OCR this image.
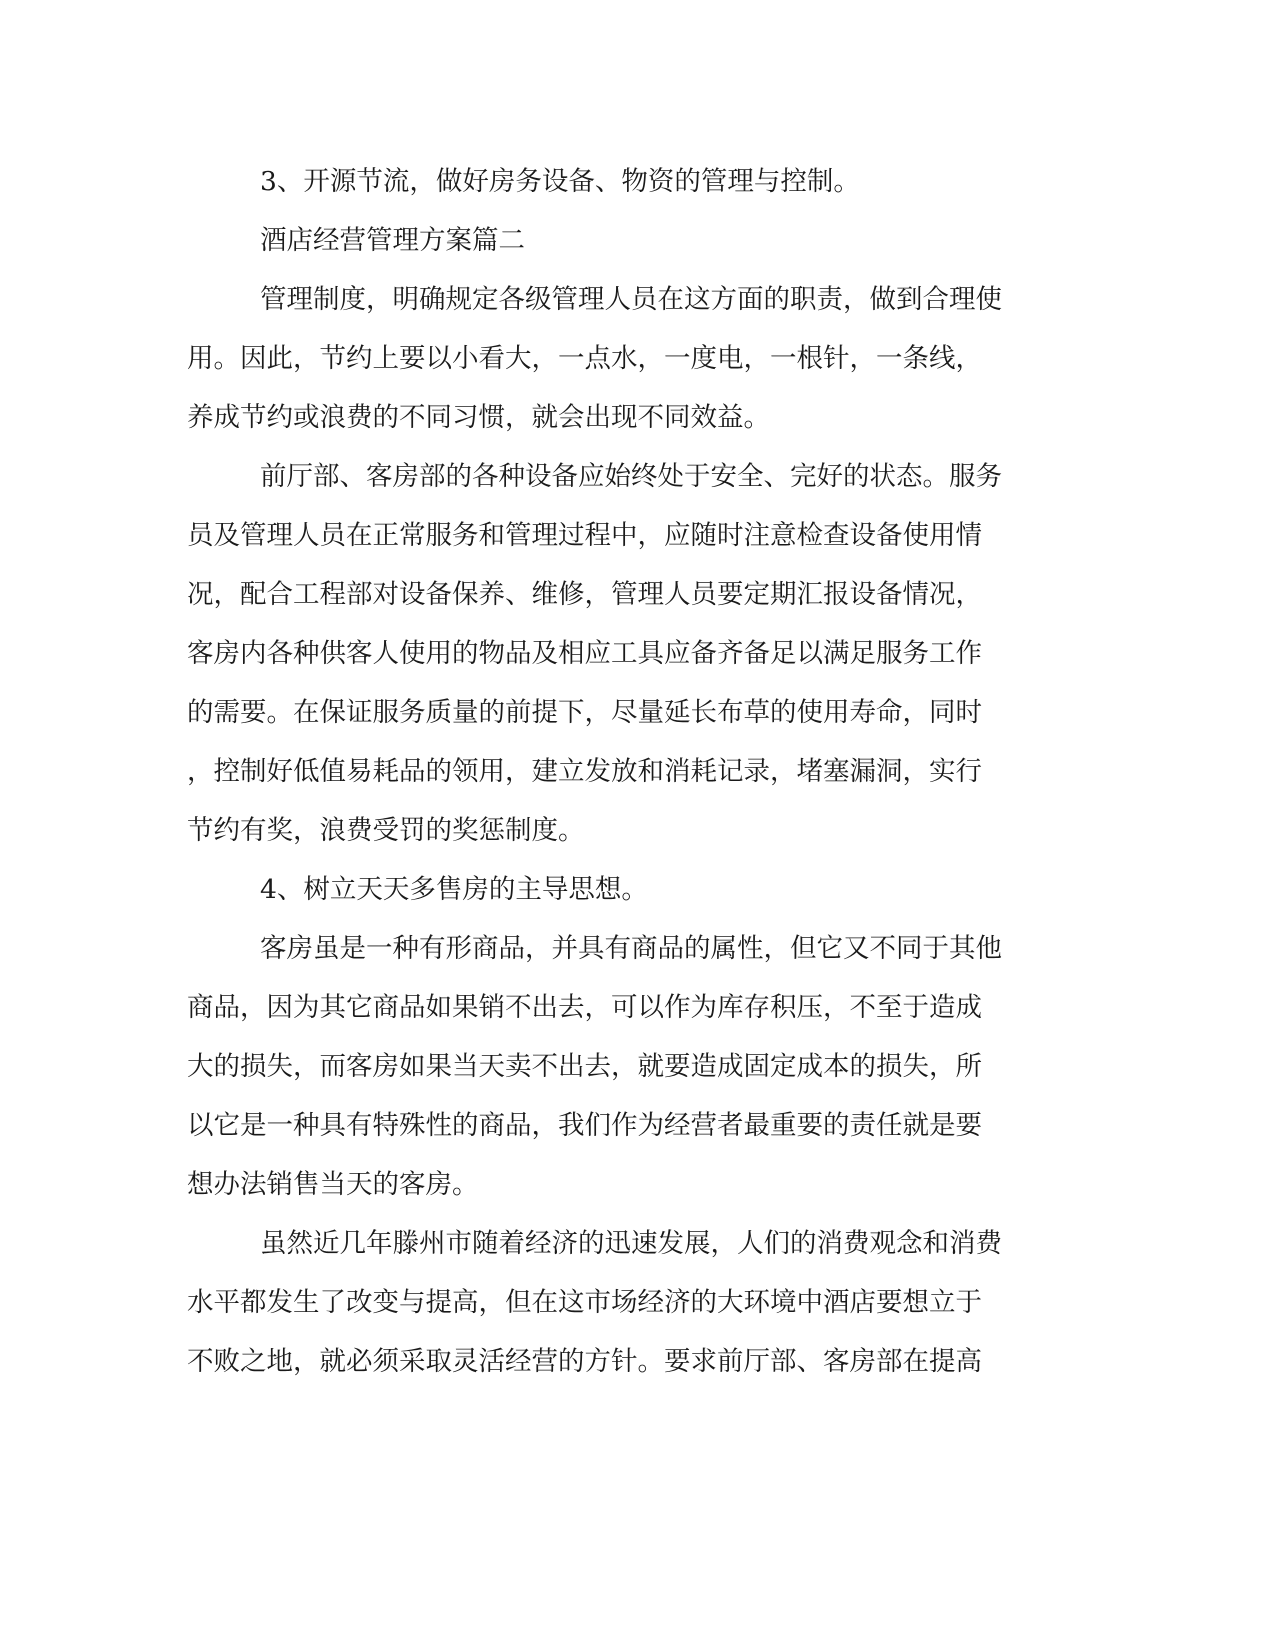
3、开源节流，做好房务设备、物资的管理与控制。

酒店经营管理方案篇二

管理制度，明确规定各级管理人员在这方面的职责，做到合理使

用。因此，节约上要以小看大，一点水，一度电，一根针，一条线，

养成节约或浪费的不同习惯，就会出现不同效益。

前厅部、客房部的各种设备应始终处于安全、完好的状态。服务

员及管理人员在正常服务和管理过程中，应随时注意检查设备使用情

况，配合工程部对设备保养、维修，管理人员要定期汇报设备情况，

客房内各种供客人使用的物品及相应工具应备齐备足以满足服务工作

的需要。在保证服务质量的前提下，尽量延长布草的使用寿命，同时

，控制好低值易耗品的领用，建立发放和消耗记录，堵塞漏洞，实行

节约有奖，浪费受罚的奖惩制度。

4、树立天天多售房的主导思想。

客房虽是一种有形商品，并具有商品的属性，但它又不同于其他

商品，因为其它商品如果销不出去，可以作为库存积压，不至于造成

大的损失，而客房如果当天卖不出去，就要造成固定成本的损失，所

以它是一种具有特殊性的商品，我们作为经营者最重要的责任就是要

想办法销售当天的客房。

虽然近几年滕州市随着经济的迅速发展，人们的消费观念和消费

水平都发生了改变与提高，但在这市场经济的大环境中酒店要想立于

不败之地，就必须采取灵活经营的方针。要求前厅部、客房部在提高
